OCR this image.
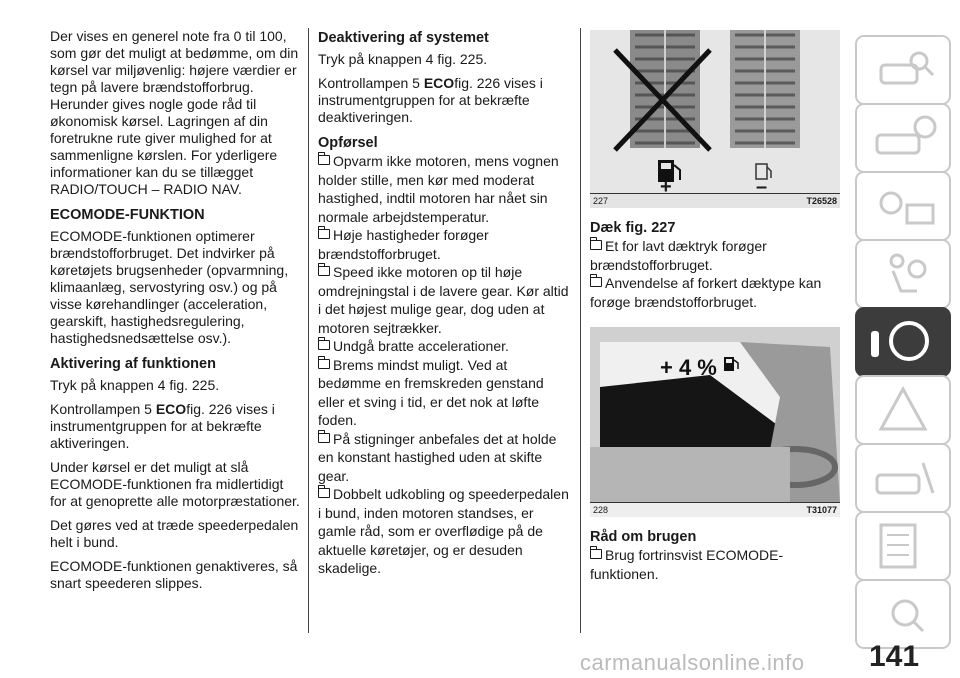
Der vises en generel note fra 0 til 100, som gør det muligt at bedømme, om din kørsel var miljøvenlig: højere værdier er tegn på lavere brændstofforbrug. Herunder gives nogle gode råd til økonomisk kørsel. Lagringen af din foretrukne rute giver mulighed for at sammenligne kørslen. For yderligere informationer kan du se tillægget RADIO/TOUCH – RADIO NAV.

ECOMODE-FUNKTION

ECOMODE-funktionen optimerer brændstofforbruget. Det indvirker på køretøjets brugsenheder (opvarmning, klimaanlæg, servostyring osv.) og på visse kørehandlinger (acceleration, gearskift, hastighedsregulering, hastighedsnedsættelse osv.).

Aktivering af funktionen

Tryk på knappen 4 fig. 225.

Kontrollampen 5 ECOfig. 226 vises i instrumentgruppen for at bekræfte aktiveringen.

Under kørsel er det muligt at slå ECOMODE-funktionen fra midlertidigt for at genoprette alle motorpræstationer.

Det gøres ved at træde speederpedalen helt i bund.

ECOMODE-funktionen genaktiveres, så snart speederen slippes.

Deaktivering af systemet

Tryk på knappen 4 fig. 225.

Kontrollampen 5 ECOfig. 226 vises i instrumentgruppen for at bekræfte deaktiveringen.

Opførsel

Opvarm ikke motoren, mens vognen holder stille, men kør med moderat hastighed, indtil motoren har nået sin normale arbejdstemperatur.

Høje hastigheder forøger brændstofforbruget.

Speed ikke motoren op til høje omdrejningstal i de lavere gear. Kør altid i det højest mulige gear, dog uden at motoren sejtrækker.

Undgå bratte accelerationer.

Brems mindst muligt. Ved at bedømme en fremskreden genstand eller et sving i tid, er det nok at løfte foden.

På stigninger anbefales det at holde en konstant hastighed uden at skifte gear.

Dobbelt udkobling og speederpedalen i bund, inden motoren standses, er gamle råd, som er overflødige på de aktuelle køretøjer, og er desuden skadelige.

+	–
227	T26528
Dæk fig. 227

Et for lavt dæktryk forøger brændstofforbruget.

Anvendelse af forkert dæktype kan forøge brændstofforbruget.

+ 4 %
228	T31077
Råd om brugen

Brug fortrinsvist ECOMODE-funktionen.

carmanualsonline.info 141
